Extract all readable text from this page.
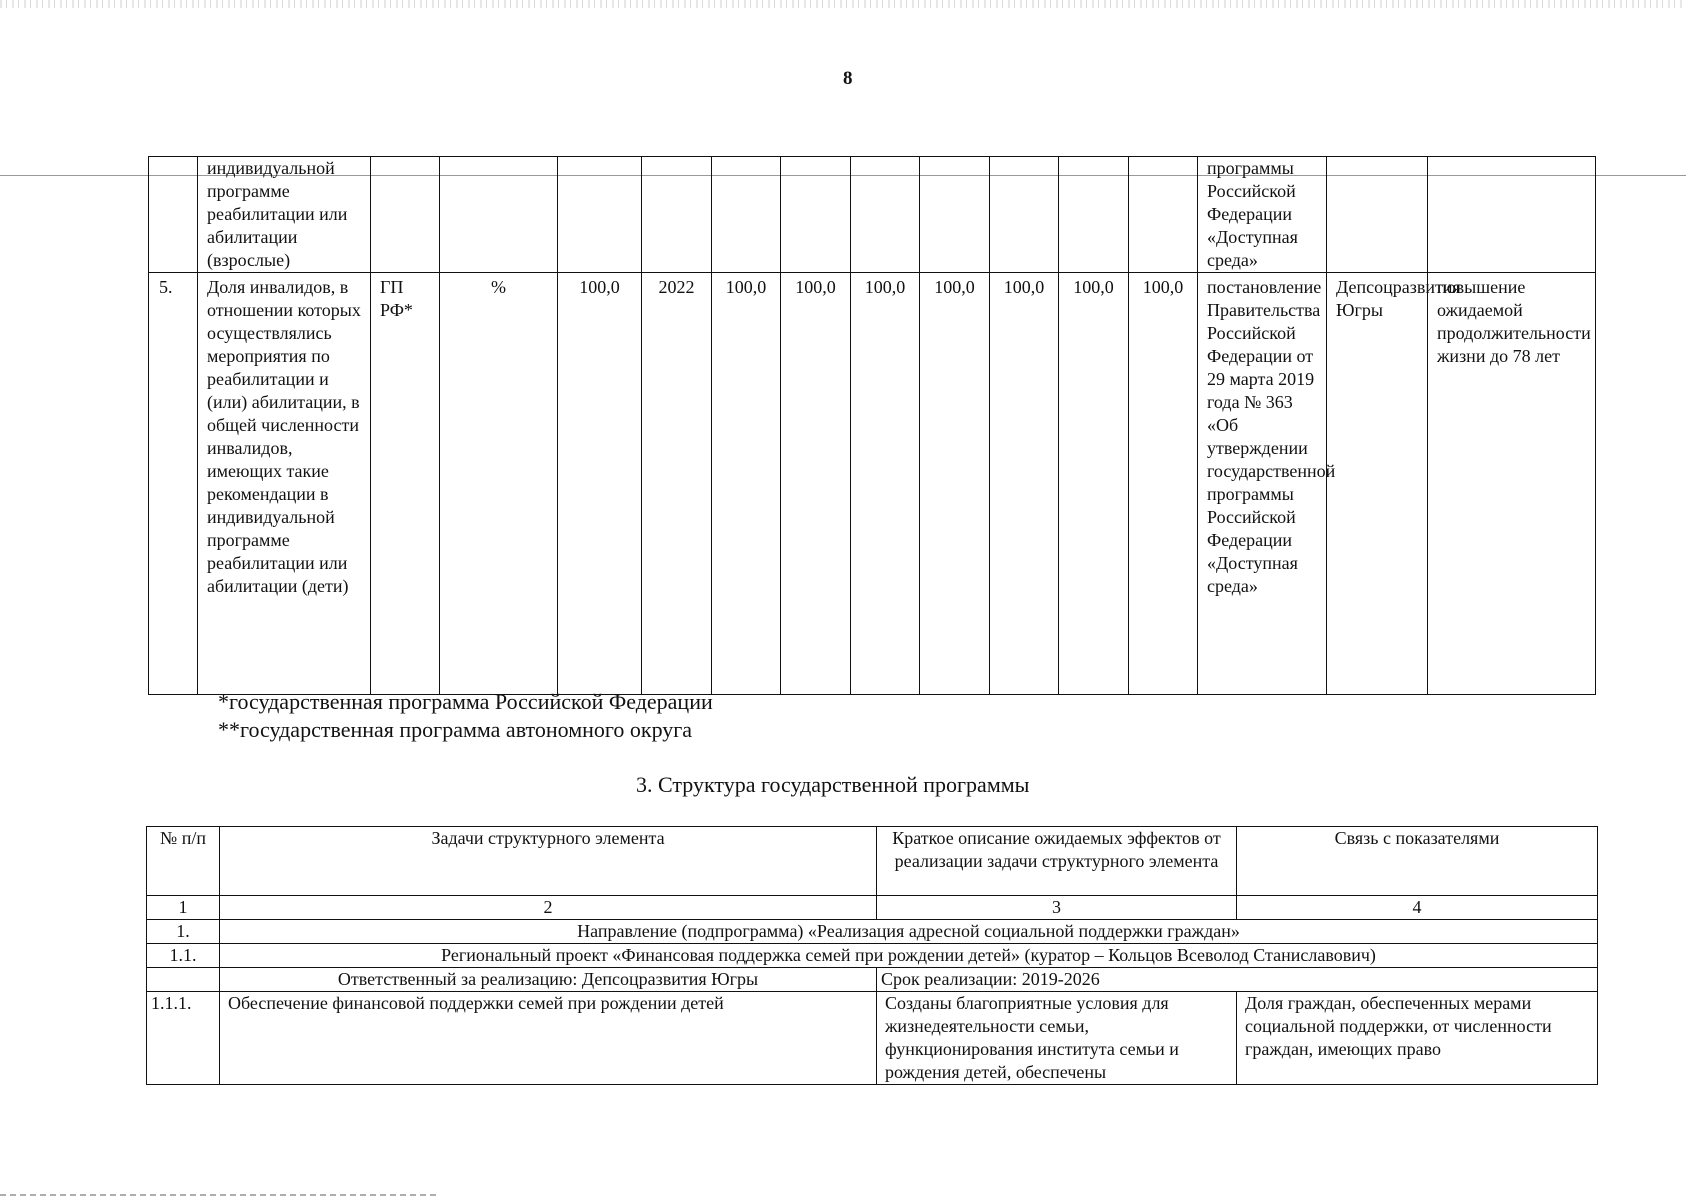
8
	индивидуальной программе реабилитации или абилитации (взрослые)												программы Российской Федерации «Доступная среда»		
5.	Доля инвалидов, в отношении которых осуществлялись мероприятия по реабилитации и (или) абилитации, в общей численности инвалидов, имеющих такие рекомендации в индивидуальной программе реабилитации или абилитации (дети)	ГП РФ*	%	100,0	2022	100,0	100,0	100,0	100,0	100,0	100,0	100,0	постановление Правительства Российской Федерации от 29 марта 2019 года № 363 «Об утверждении государственной программы Российской Федерации «Доступная среда»	Депсоцразвития Югры	повышение ожидаемой продолжительности жизни до 78 лет
*государственная программа Российской Федерации
**государственная программа автономного округа
3. Структура государственной программы
№ п/п	Задачи структурного элемента	Краткое описание ожидаемых эффектов от реализации задачи структурного элемента	Связь с показателями
1	2	3	4
1.	Направление (подпрограмма) «Реализация адресной социальной поддержки граждан»		
1.1.	Региональный проект «Финансовая поддержка семей при рождении детей» (куратор – Кольцов Всеволод Станиславович)		
	Ответственный за реализацию: Депсоцразвития Югры	Срок реализации: 2019-2026	
1.1.1.	Обеспечение финансовой поддержки семей при рождении детей	Созданы благоприятные условия для жизнедеятельности семьи, функционирования института семьи и рождения детей, обеспечены	Доля граждан, обеспеченных мерами социальной поддержки, от численности граждан, имеющих право
